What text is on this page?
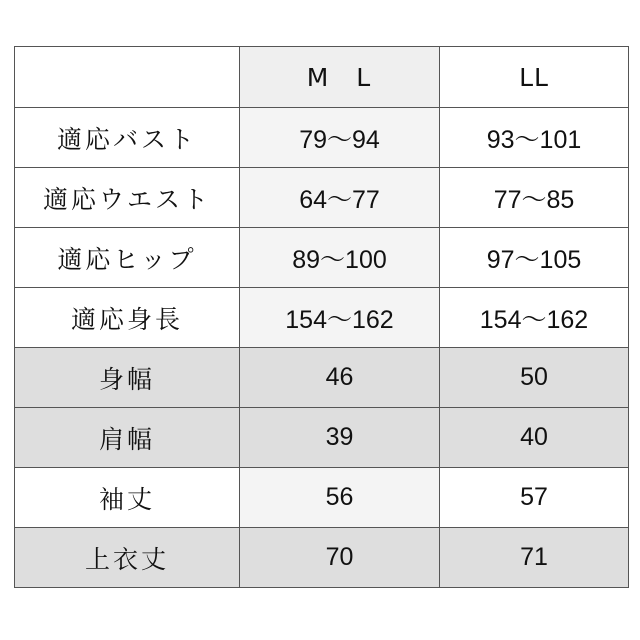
	M L	LL
適応バスト	79～94	93～101
適応ウエスト	64～77	77～85
適応ヒップ	89～100	97～105
適応身長	154～162	154～162
身幅	46	50
肩幅	39	40
袖丈	56	57
上衣丈	70	71
